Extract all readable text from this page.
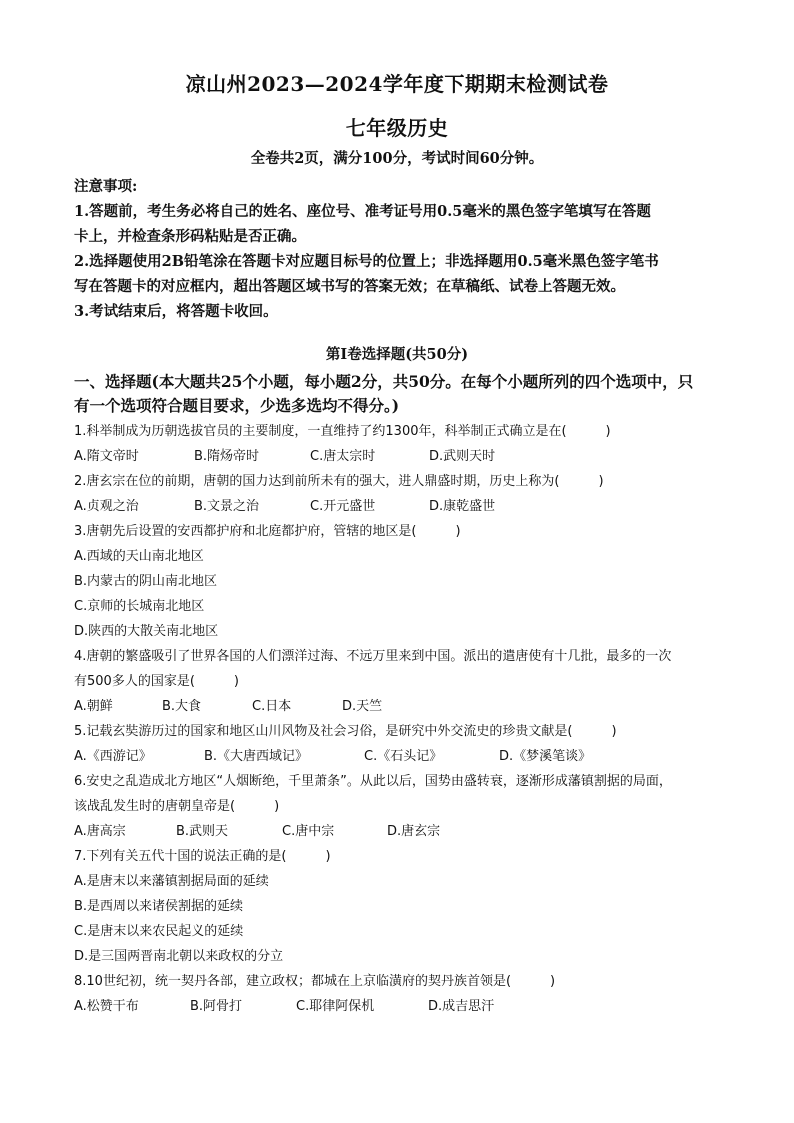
凉山州2023—2024学年度下期期末检测试卷
七年级历史
全卷共2页，满分100分，考试时间60分钟。

注意事项:

1.答题前，考生务必将自己的姓名、座位号、准考证号用0.5毫米的黑色签字笔填写在答题

卡上，并检查条形码粘贴是否正确。

2.选择题使用2B铅笔涂在答题卡对应题目标号的位置上；非选择题用0.5毫米黑色签字笔书

写在答题卡的对应框内，超出答题区域书写的答案无效；在草稿纸、试卷上答题无效。

3.考试结束后，将答题卡收回。

第Ⅰ卷选择题(共50分)

一、选择题(本大题共25个小题，每小题2分，共50分。在每个小题所列的四个选项中，只

有一个选项符合题目要求，少选多选均不得分。)

1.科举制成为历朝选拔官员的主要制度，一直维持了约1300年，科举制正式确立是在(　　　)

A.隋文帝时	B.隋炀帝时	C.唐太宗时	D.武则天时

2.唐玄宗在位的前期，唐朝的国力达到前所未有的强大，进人鼎盛时期，历史上称为(　　　)

A.贞观之治	B.文景之治	C.开元盛世	D.康乾盛世

3.唐朝先后设置的安西都护府和北庭都护府，管辖的地区是(　　　)

A.西域的天山南北地区

B.内蒙古的阴山南北地区

C.京师的长城南北地区

D.陕西的大散关南北地区

4.唐朝的繁盛吸引了世界各国的人们漂洋过海、不远万里来到中国。派出的遣唐使有十几批，最多的一次

有500多人的国家是(　　　)

A.朝鲜	B.大食	C.日本	D.天竺

5.记载玄奘游历过的国家和地区山川风物及社会习俗，是研究中外交流史的珍贵文献是(　　　)

A.《西游记》	B.《大唐西域记》	C.《石头记》	D.《梦溪笔谈》

6.安史之乱造成北方地区“人烟断绝，千里萧条”。从此以后，国势由盛转衰，逐渐形成藩镇割据的局面，

该战乱发生时的唐朝皇帝是(　　　)

A.唐高宗	B.武则天	C.唐中宗	D.唐玄宗

7.下列有关五代十国的说法正确的是(　　　)

A.是唐末以来藩镇割据局面的延续

B.是西周以来诸侯割据的延续

C.是唐末以来农民起义的延续

D.是三国两晋南北朝以来政权的分立

8.10世纪初，统一契丹各部，建立政权；都城在上京临潢府的契丹族首领是(　　　)

A.松赞干布	B.阿骨打	C.耶律阿保机	D.成吉思汗
